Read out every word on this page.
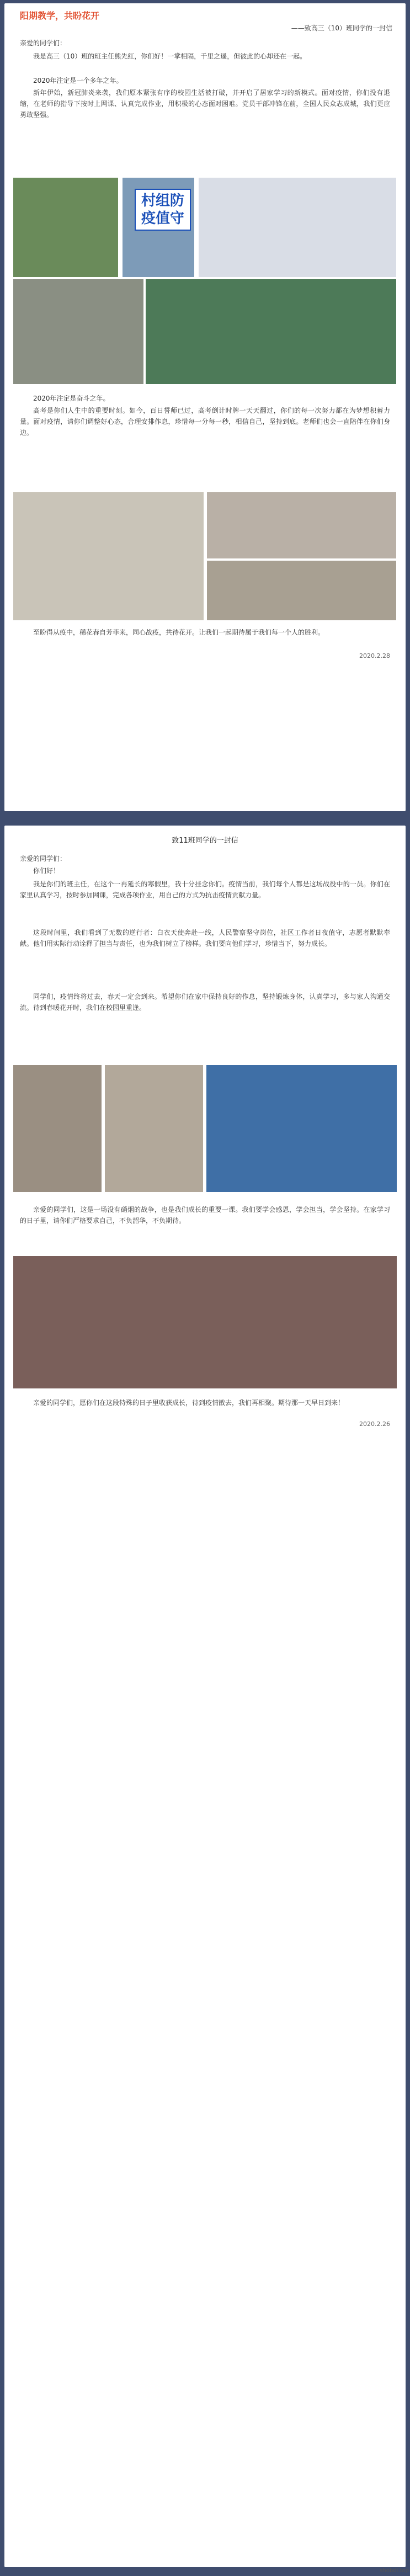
阳期教学，共盼花开
——致高三（10）班同学的一封信

亲爱的同学们：

我是高三（10）班的班主任熊先红，你们好！一掌相隔，千里之遥，但彼此的心却还在一起。

2020年注定是一个多年之年。

新年伊始，新冠肺炎来袭，我们原本紧张有序的校园生活被打破，并开启了居家学习的新模式。面对疫情，你们没有退缩，在老师的指导下按时上网课、认真完成作业，用积极的心态面对困难。党员干部冲锋在前，全国人民众志成城，我们更应勇敢坚强。

村组防
疫值守

2020年注定是奋斗之年。

高考是你们人生中的重要时刻。如今，百日誓师已过，高考倒计时牌一天天翻过，你们的每一次努力都在为梦想积蓄力量。面对疫情，请你们调整好心态，合理安排作息，珍惜每一分每一秒，相信自己，坚持到底。老师们也会一直陪伴在你们身边。

至盼得从疫中，稀花春自芳菲来，同心战疫，共待花开。让我们一起期待属于我们每一个人的胜利。

2020.2.28
致11班同学的一封信

亲爱的同学们：

你们好！

我是你们的班主任，在这个一再延长的寒假里，我十分挂念你们。疫情当前，我们每个人都是这场战役中的一员。你们在家里认真学习，按时参加网课，完成各项作业，用自己的方式为抗击疫情贡献力量。

这段时间里，我们看到了无数的逆行者：白衣天使奔赴一线，人民警察坚守岗位，社区工作者日夜值守，志愿者默默奉献。他们用实际行动诠释了担当与责任，也为我们树立了榜样。我们要向他们学习，珍惜当下，努力成长。

同学们，疫情终将过去，春天一定会到来。希望你们在家中保持良好的作息，坚持锻炼身体，认真学习，多与家人沟通交流。待到春暖花开时，我们在校园里重逢。

亲爱的同学们，这是一场没有硝烟的战争，也是我们成长的重要一课。我们要学会感恩，学会担当，学会坚持。在家学习的日子里，请你们严格要求自己，不负韶华，不负期待。

亲爱的同学们，愿你们在这段特殊的日子里收获成长，待到疫情散去，我们再相聚。期待那一天早日到来！

2020.2.26
shobdi.top
